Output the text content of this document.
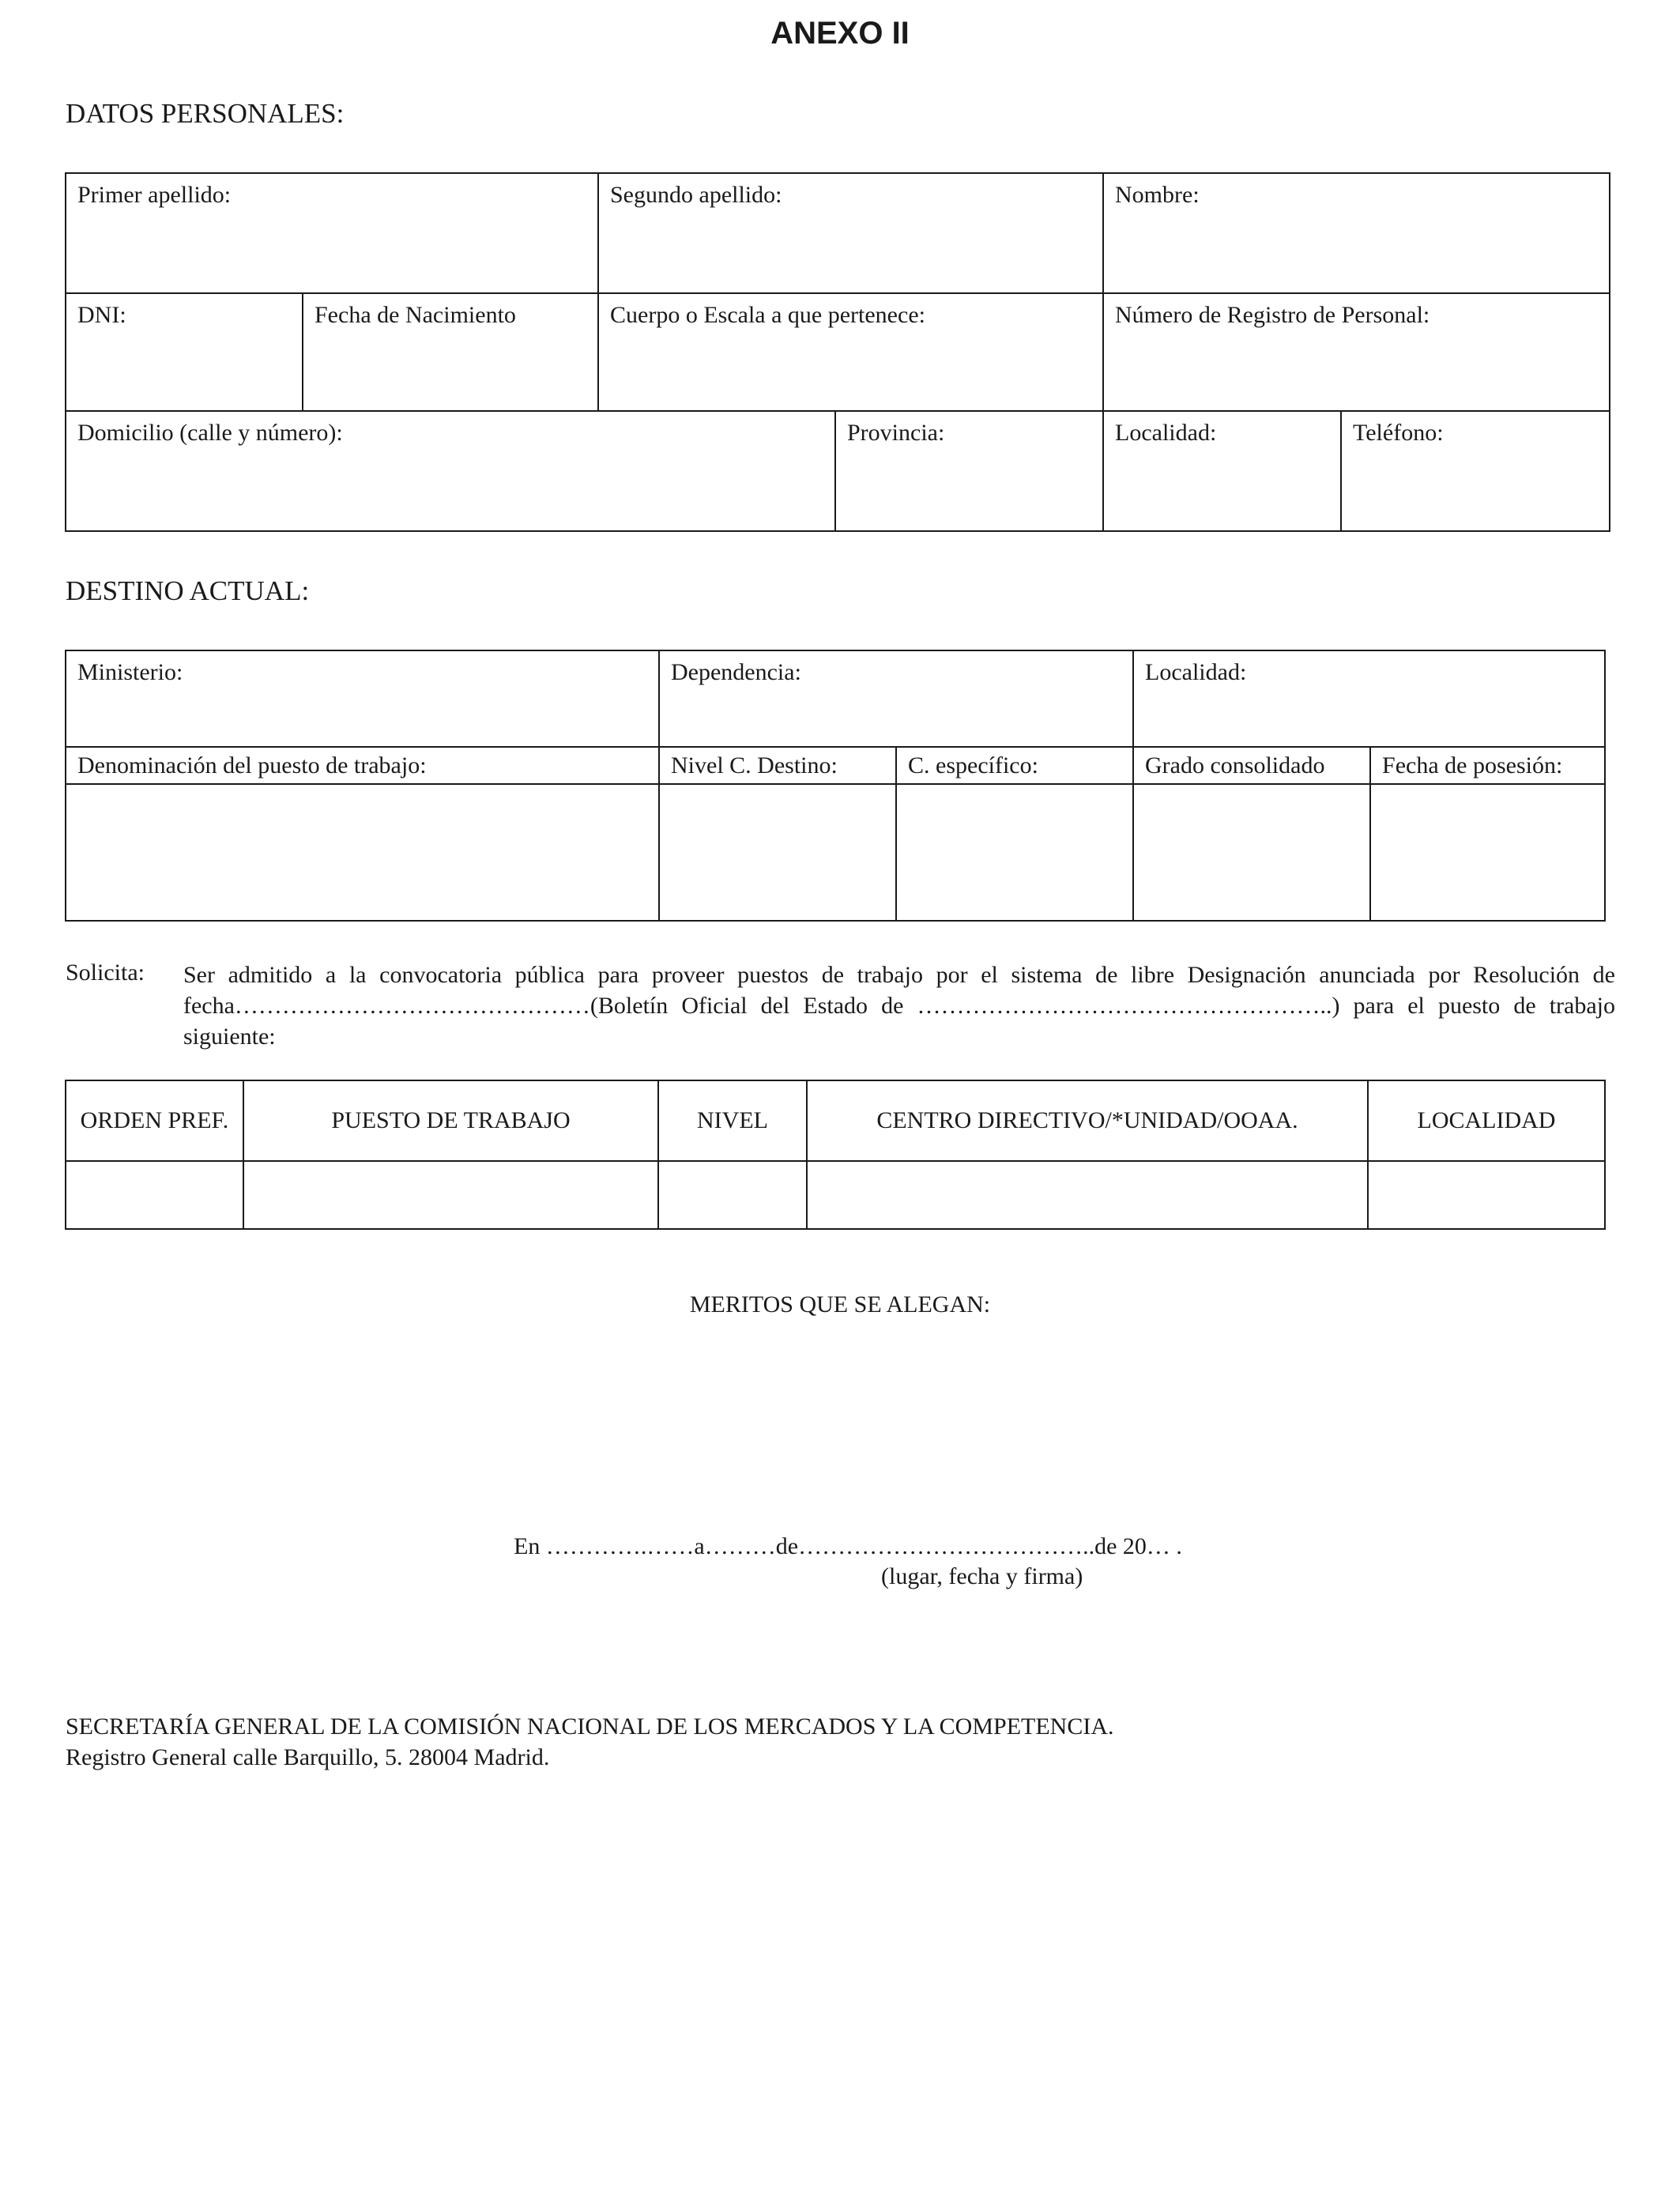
ANEXO II
DATOS PERSONALES:
Primer apellido:		Segundo apellido:		Nombre:	
DNI:	Fecha de Nacimiento	Cuerpo o Escala a que pertenece:		Número de Registro de Personal:	
Domicilio (calle y número):			Provincia:	Localidad:	Teléfono:
DESTINO ACTUAL:
Ministerio:	Dependencia:		Localidad:	
Denominación del puesto de trabajo:	Nivel C. Destino:	C. específico:	Grado consolidado	Fecha de posesión:

Solicita: Ser admitido a la convocatoria pública para proveer puestos de trabajo por el sistema de libre Designación anunciada por Resolución de fecha………………………………………(Boletín Oficial del Estado de ……………………………………………..) para el puesto de trabajo siguiente:
ORDEN PREF.	PUESTO DE TRABAJO	NIVEL	CENTRO DIRECTIVO/*UNIDAD/OOAA.	LOCALIDAD

MERITOS QUE SE ALEGAN:
En ………….……a………de………………………………..de 20… .
(lugar, fecha y firma)
SECRETARÍA GENERAL DE LA COMISIÓN NACIONAL DE LOS MERCADOS Y LA COMPETENCIA.
Registro General calle Barquillo, 5. 28004 Madrid.
